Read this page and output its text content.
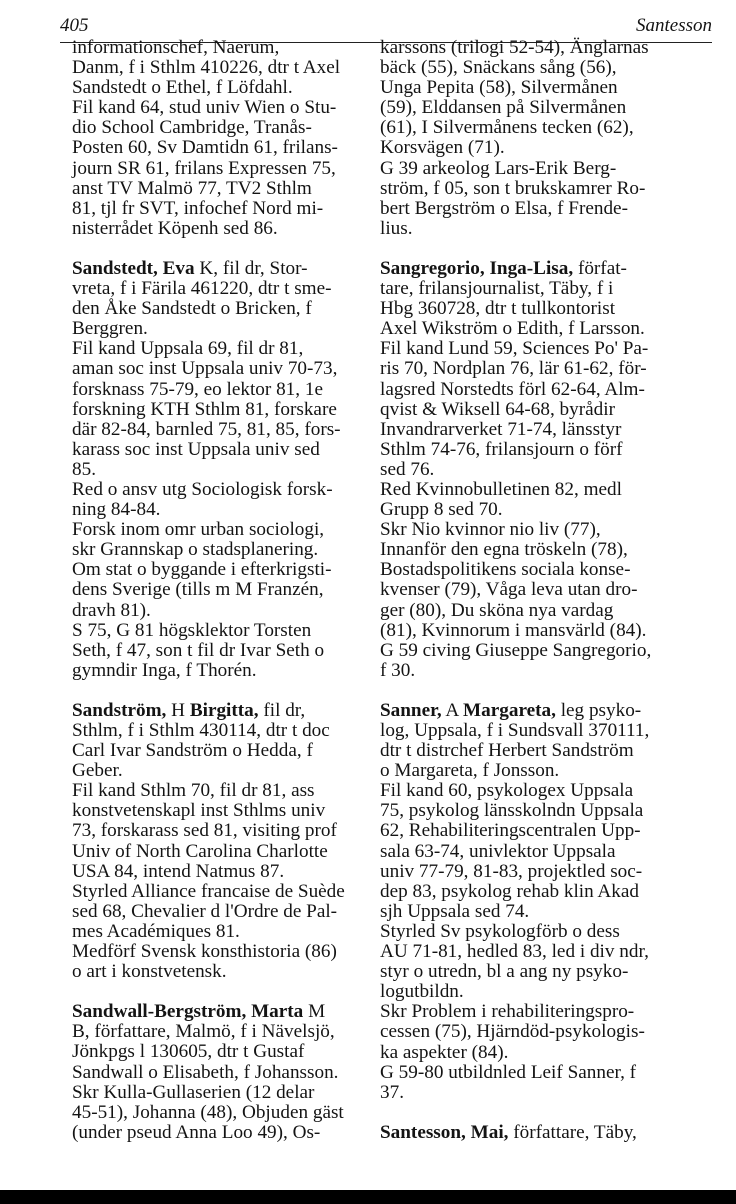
405	Santesson
informationschef, Naerum,
Danm, f i Sthlm 410226, dtr t Axel
Sandstedt o Ethel, f Löfdahl.
Fil kand 64, stud univ Wien o Stu-
dio School Cambridge, Tranås-
Posten 60, Sv Damtidn 61, frilans-
journ SR 61, frilans Expressen 75,
anst TV Malmö 77, TV2 Sthlm
81, tjl fr SVT, infochef Nord mi-
nisterrådet Köpenh sed 86.
Sandstedt, Eva K, fil dr, Stor-
vreta, f i Färila 461220, dtr t sme-
den Åke Sandstedt o Bricken, f
Berggren.
Fil kand Uppsala 69, fil dr 81,
aman soc inst Uppsala univ 70-73,
forsknass 75-79, eo lektor 81, 1e
forskning KTH Sthlm 81, forskare
där 82-84, barnled 75, 81, 85, fors-
karass soc inst Uppsala univ sed
85.
Red o ansv utg Sociologisk forsk-
ning 84-84.
Forsk inom omr urban sociologi,
skr Grannskap o stadsplanering.
Om stat o byggande i efterkrigsti-
dens Sverige (tills m M Franzén,
dravh 81).
S 75, G 81 högsklektor Torsten
Seth, f 47, son t fil dr Ivar Seth o
gymndir Inga, f Thorén.
Sandström, H Birgitta, fil dr,
Sthlm, f i Sthlm 430114, dtr t doc
Carl Ivar Sandström o Hedda, f
Geber.
Fil kand Sthlm 70, fil dr 81, ass
konstvetenskapl inst Sthlms univ
73, forskarass sed 81, visiting prof
Univ of North Carolina Charlotte
USA 84, intend Natmus 87.
Styrled Alliance francaise de Suède
sed 68, Chevalier d l'Ordre de Pal-
mes Académiques 81.
Medförf Svensk konsthistoria (86)
o art i konstvetensk.
Sandwall-Bergström, Marta M
B, författare, Malmö, f i Nävelsjö,
Jönkpgs l 130605, dtr t Gustaf
Sandwall o Elisabeth, f Johansson.
Skr Kulla-Gullaserien (12 delar
45-51), Johanna (48), Objuden gäst
(under pseud Anna Loo 49), Os-
karssons (trilogi 52-54), Änglarnas
bäck (55), Snäckans sång (56),
Unga Pepita (58), Silvermånen
(59), Elddansen på Silvermånen
(61), I Silvermånens tecken (62),
Korsvägen (71).
G 39 arkeolog Lars-Erik Berg-
ström, f 05, son t brukskamrer Ro-
bert Bergström o Elsa, f Frende-
lius.
Sangregorio, Inga-Lisa, förfat-
tare, frilansjournalist, Täby, f i
Hbg 360728, dtr t tullkontorist
Axel Wikström o Edith, f Larsson.
Fil kand Lund 59, Sciences Po' Pa-
ris 70, Nordplan 76, lär 61-62, för-
lagsred Norstedts förl 62-64, Alm-
qvist & Wiksell 64-68, byrådir
Invandrarverket 71-74, länsstyr
Sthlm 74-76, frilansjourn o förf
sed 76.
Red Kvinnobulletinen 82, medl
Grupp 8 sed 70.
Skr Nio kvinnor nio liv (77),
Innanför den egna tröskeln (78),
Bostadspolitikens sociala konse-
kvenser (79), Våga leva utan dro-
ger (80), Du sköna nya vardag
(81), Kvinnorum i mansvärld (84).
G 59 civing Giuseppe Sangregorio,
f 30.
Sanner, A Margareta, leg psyko-
log, Uppsala, f i Sundsvall 370111,
dtr t distrchef Herbert Sandström
o Margareta, f Jonsson.
Fil kand 60, psykologex Uppsala
75, psykolog länsskolndn Uppsala
62, Rehabiliteringscentralen Upp-
sala 63-74, univlektor Uppsala
univ 77-79, 81-83, projektled soc-
dep 83, psykolog rehab klin Akad
sjh Uppsala sed 74.
Styrled Sv psykologförb o dess
AU 71-81, hedled 83, led i div ndr,
styr o utredn, bl a ang ny psyko-
logutbildn.
Skr Problem i rehabiliteringspro-
cessen (75), Hjärndöd-psykologis-
ka aspekter (84).
G 59-80 utbildnled Leif Sanner, f
37.
Santesson, Mai, författare, Täby,
